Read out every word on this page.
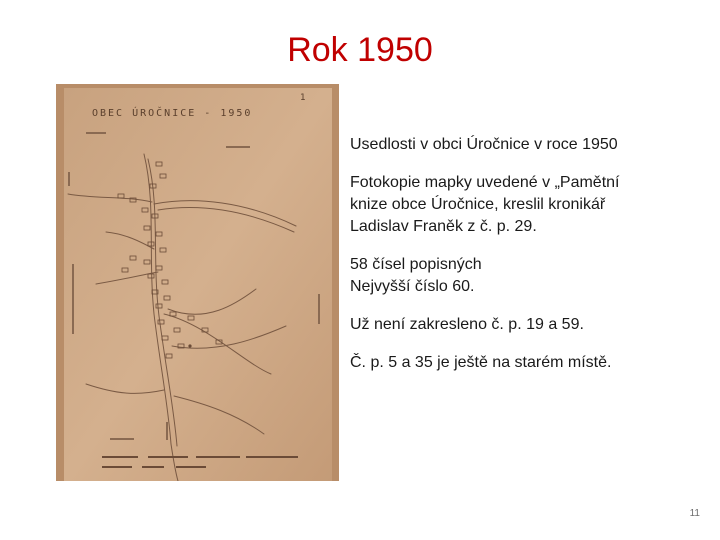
Rok 1950
OBEC ÚROČNICE - 1950
1

Usedlosti v obci Úročnice v roce 1950

Fotokopie mapky uvedené v „Pamětní
knize obce Úročnice, kreslil kronikář
Ladislav Franěk z č. p. 29.

58 čísel popisných
Nejvyšší číslo 60.

Už není zakresleno č. p. 19 a 59.

Č. p. 5 a 35 je ještě na starém místě.

11
